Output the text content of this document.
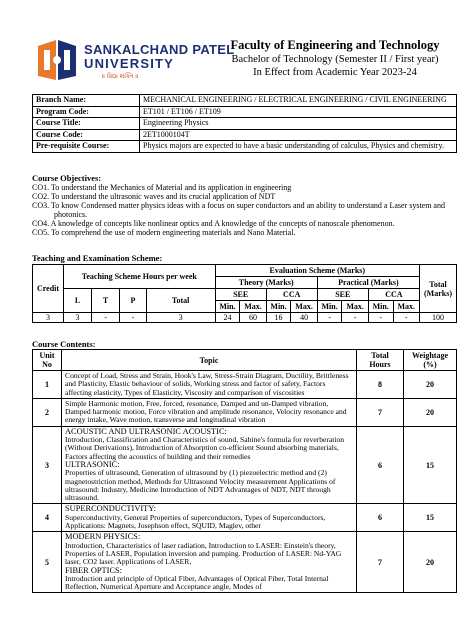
SANKALCHAND PATEL
UNIVERSITY
॥ વિદ્યા શક્તિ ॥
Faculty of Engineering and Technology
Bachelor of Technology (Semester II / First year)
In Effect from Academic Year 2023-24
Branch Name:	MECHANICAL ENGINEERING / ELECTRICAL ENGINEERING / CIVIL ENGINEERING
Program Code:	ET101 / ET106 / ET109
Course Title:	Engineering Physics
Course Code:	2ET1000104T
Pre-requisite Course:	Physics majors are expected to have a basic understanding of calculus, Physics and chemistry.
Course Objectives:
CO1. To understand the Mechanics of Material and its application in engineering
CO2. To understand the ultrasonic waves and its crucial application of NDT
CO3. To know Condensed matter physics ideas with a focus on super conductors and an ability to understand a Laser system and photonics.
CO4. A knowledge of concepts like nonlinear optics and A knowledge of the concepts of nanoscale phenomenon.
CO5. To comprehend the use of modern engineering materials and Nano Material.
Teaching and Examination Scheme:
Credit	Teaching Scheme Hours per week				Evaluation Scheme (Marks)								Total (Marks)
					Theory (Marks)				Practical (Marks)				
	L	T	P	Total	SEE		CCA		SEE		CCA		
					Min.	Max.	Min.	Max.	Min.	Max.	Min.	Max.	
3	3	-	-	3	24	60	16	40	-	-	-	-	100
Course Contents:
Unit No	Topic	Total Hours	Weightage (%)
1	Concept of Load, Stress and Strain, Hook's Law, Stress-Strain Diagram, Ductility, Brittleness and Plasticity, Elastic behaviour of solids, Working stress and factor of safety, Factors affecting elasticity, Types of Elasticity, Viscosity and comparison of viscosities	8	20
2	Simple Harmonic motion, Free, forced, resonance, Damped and un-Damped vibration, Damped harmonic motion, Force vibration and amplitude resonance, Velocity resonance and energy intake, Wave motion, transverse and longitudinal vibration	7	20
3	ACOUSTIC AND ULTRASONIC ACOUSTIC:
Introduction, Classification and Characteristics of sound, Sabine's formula for reverberation (Without Derivations), Introduction of Absorption co-efficient Sound absorbing materials, Factors affecting the acoustics of building and their remedies
ULTRASONIC:
Properties of ultrasound, Generation of ultrasound by (1) piezoelectric method and (2) magnetostriction method, Methods for Ultrasound Velocity measurement Applications of ultrasound: Industry, Medicine Introduction of NDT Advantages of NDT, NDT through ultrasound.	6	15
4	SUPERCONDUCTIVITY:
Superconductivity, General Properties of superconductors, Types of Superconductors, Applications: Magnets, Josephson effect, SQUID, Maglev, other	6	15
5	MODERN PHYSICS:
Introduction, Characteristics of laser radiation, Introduction to LASER: Einstein's theory, Properties of LASER, Population inversion and pumping. Production of LASER: Nd-YAG laser, CO2 laser. Applications of LASER,
FIBER OPTICS:
Introduction and principle of Optical Fiber, Advantages of Optical Fiber, Total Internal Reflection, Numerical Aperture and Acceptance angle, Modes of	7	20
